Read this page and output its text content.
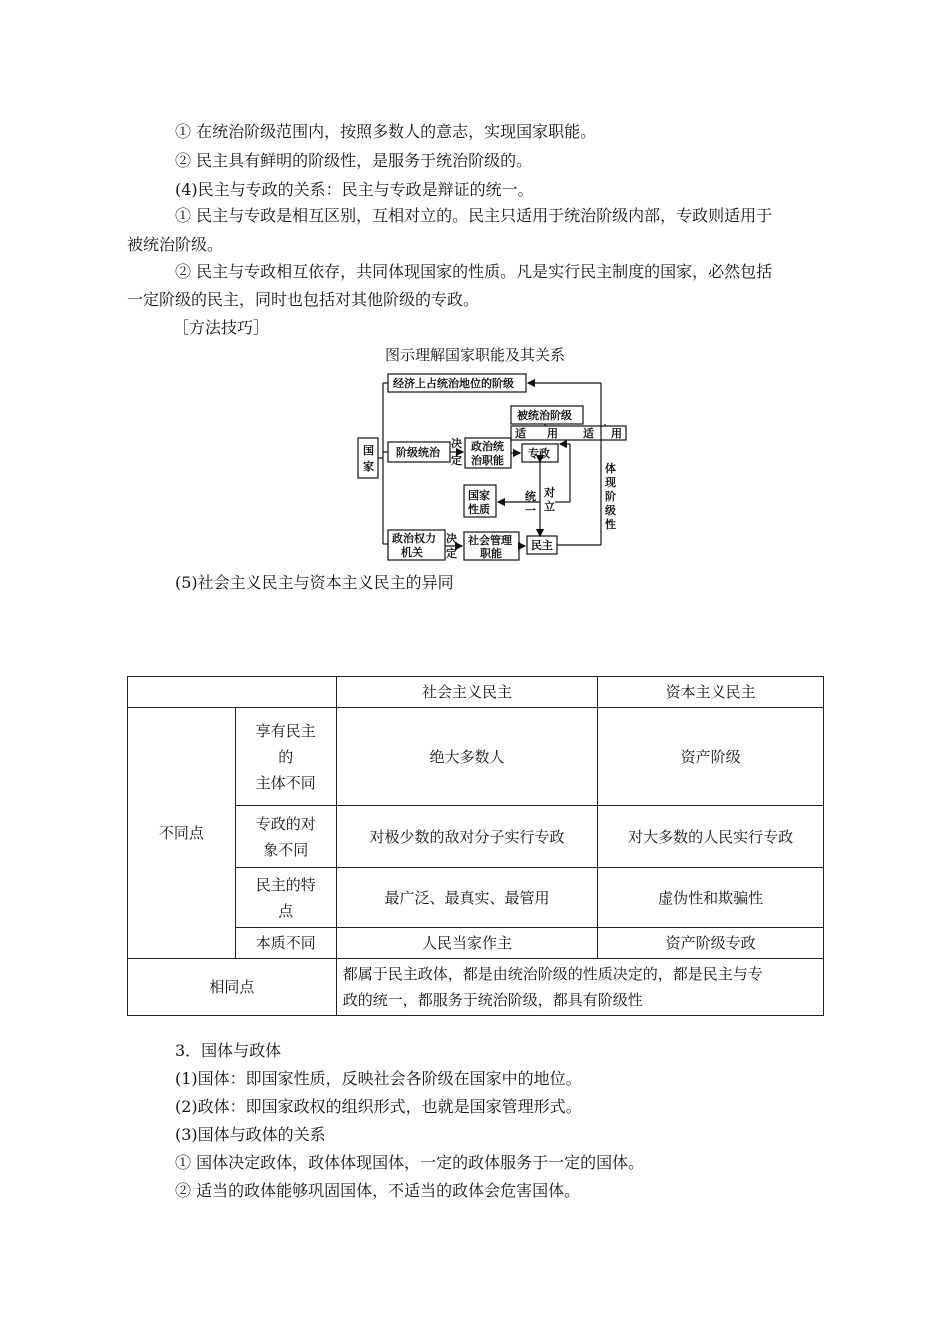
① 在统治阶级范围内，按照多数人的意志，实现国家职能。
② 民主具有鲜明的阶级性，是服务于统治阶级的。
(4)民主与专政的关系：民主与专政是辩证的统一。
① 民主与专政是相互区别，互相对立的。民主只适用于统治阶级内部，专政则适用于
被统治阶级。
② 民主与专政相互依存，共同体现国家的性质。凡是实行民主制度的国家，必然包括
一定阶级的民主，同时也包括对其他阶级的专政。
［方法技巧］
图示理解国家职能及其关系
国
家
经济上占统治地位的阶级
阶级统治	政治统
治职能
专政
被统治阶级
适 用 适 用
国家
性质
政治权力
机关
社会管理
职能
民主
决
定
决
定
统
一
对
立
体
现
阶
级
性
(5)社会主义民主与资本主义民主的异同
		社会主义民主	资本主义民主
不同点	享有民主
的
主体不同	绝大多数人	资产阶级

	专政的对
象不同	对极少数的敌对分子实行专政	对大多数的人民实行专政

	民主的特
点	最广泛、最真实、最管用	虚伪性和欺骗性
	本质不同	人民当家作主	资产阶级专政
相同点		都属于民主政体，都是由统治阶级的性质决定的，都是民主与专
政的统一，都服务于统治阶级，都具有阶级性	
3．国体与政体
(1)国体：即国家性质，反映社会各阶级在国家中的地位。
(2)政体：即国家政权的组织形式，也就是国家管理形式。
(3)国体与政体的关系
① 国体决定政体，政体体现国体，一定的政体服务于一定的国体。
② 适当的政体能够巩固国体，不适当的政体会危害国体。
